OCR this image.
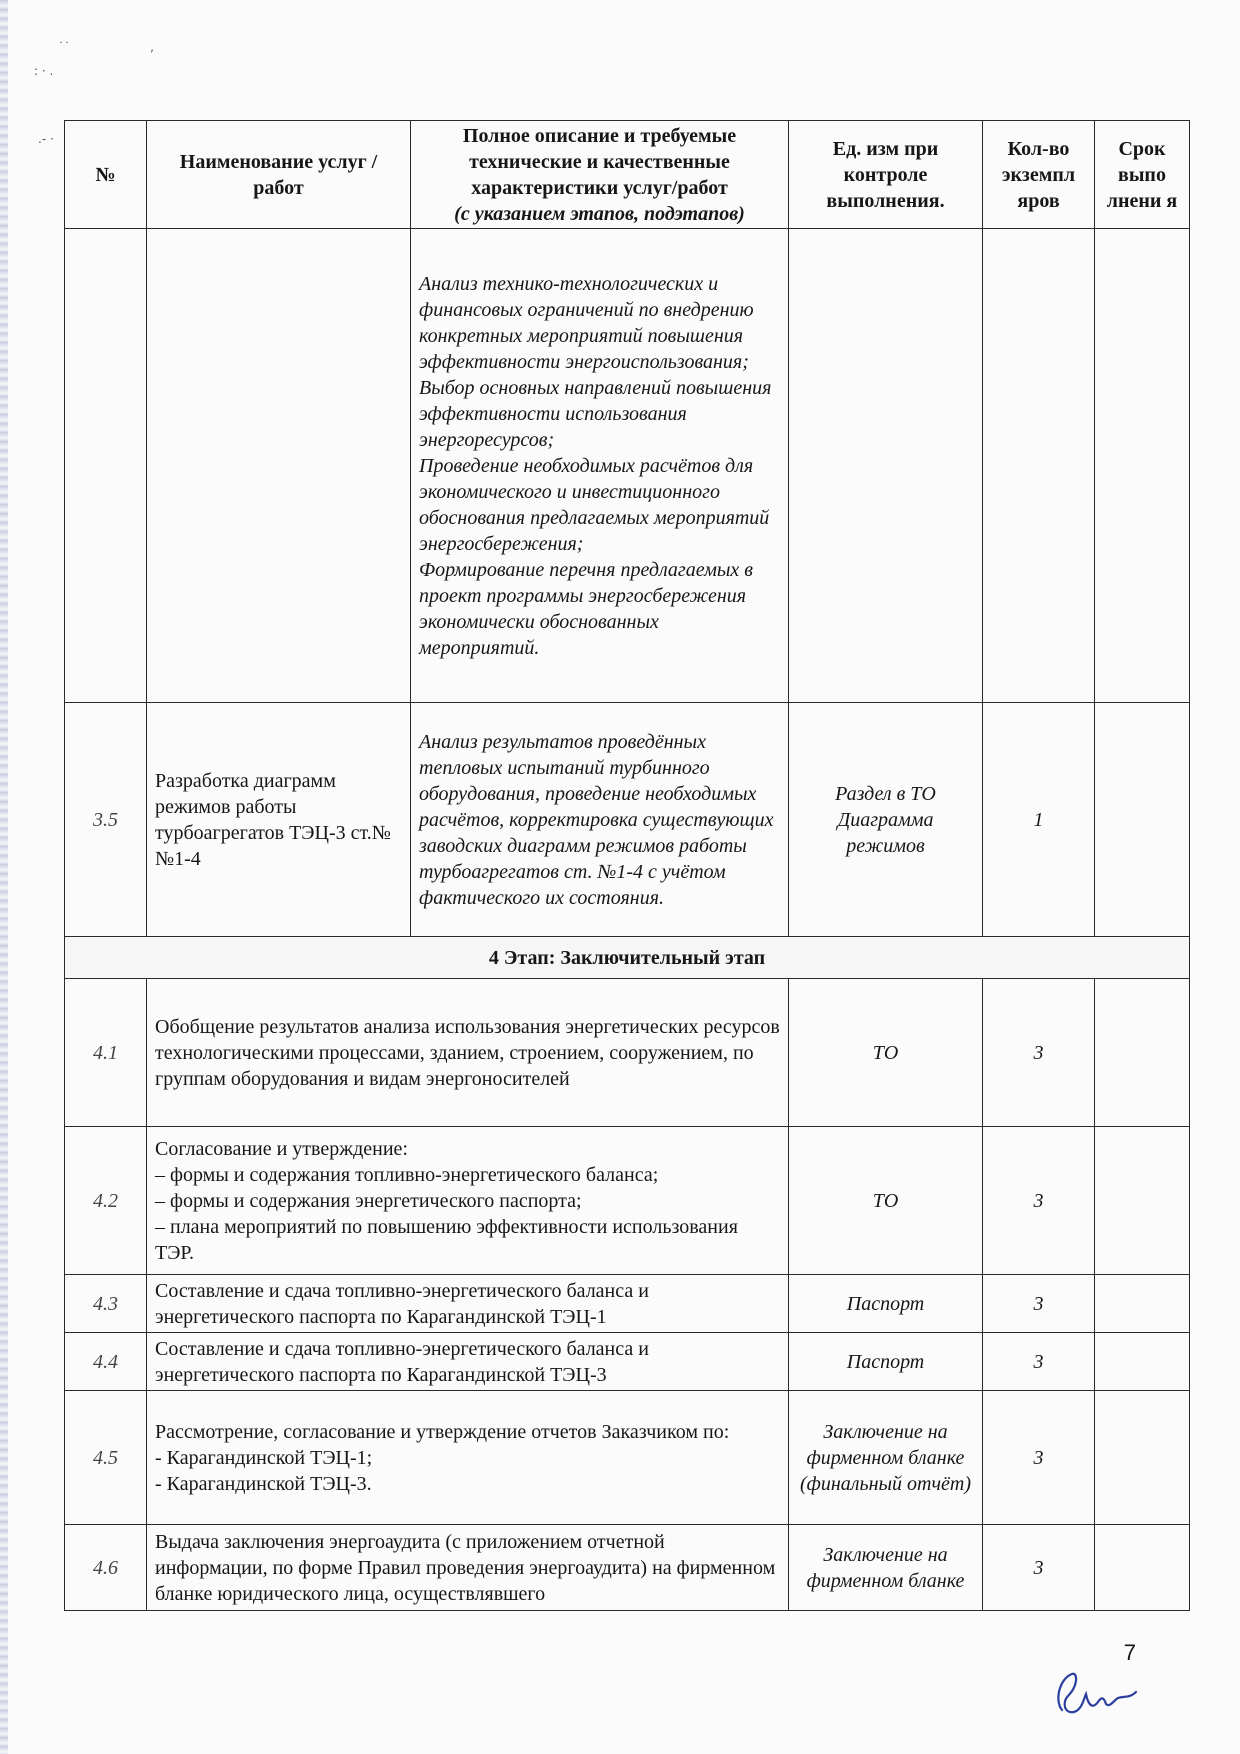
˙˙                     ,
: · .
.- ·
№	Наименование услуг /работ	Полное описание и требуемые технические и качественные характеристики услуг/работ
(с указанием этапов, подэтапов)	Ед. изм при контроле выполнения.	Кол-во экземпл яров	Срок выпо лнени я
		Анализ технико-технологических и финансовых ограничений по внедрению конкретных мероприятий повышения эффективности энергоиспользования;
Выбор основных направлений повышения эффективности использования энергоресурсов;
Проведение необходимых расчётов для экономического и инвестиционного обоснования предлагаемых мероприятий энергосбережения;
Формирование перечня предлагаемых в проект программы энергосбережения экономически обоснованных мероприятий.			
3.5	Разработка диаграмм режимов работы турбоагрегатов ТЭЦ-3 ст.№№1-4	Анализ результатов проведённых тепловых испытаний турбинного оборудования, проведение необходимых расчётов, корректировка существующих заводских диаграмм режимов работы турбоагрегатов ст. №1-4 с учётом фактического их состояния.	Раздел в ТО Диаграмма режимов	1	
4 Этап: Заключительный этап					
4.1	Обобщение результатов анализа использования энергетических ресурсов технологическими процессами, зданием, строением, сооружением, по группам оборудования и видам энергоносителей		ТО	3	
4.2	Согласование и утверждение:
– формы и содержания топливно-энергетического баланса;
– формы и содержания энергетического паспорта;
– плана мероприятий по повышению эффективности использования ТЭР.		ТО	3	
4.3	Составление и сдача топливно-энергетического баланса и энергетического паспорта по Карагандинской ТЭЦ-1		Паспорт	3	
4.4	Составление и сдача топливно-энергетического баланса и энергетического паспорта по Карагандинской ТЭЦ-3		Паспорт	3	
4.5	Рассмотрение, согласование и утверждение отчетов Заказчиком по:
- Карагандинской ТЭЦ-1;
- Карагандинской ТЭЦ-3.		Заключение на фирменном бланке (финальный отчёт)	3	
4.6	Выдача заключения энергоаудита (с приложением отчетной информации, по форме Правил проведения энергоаудита) на фирменном бланке юридического лица, осуществлявшего		Заключение на фирменном бланке	3	
7
